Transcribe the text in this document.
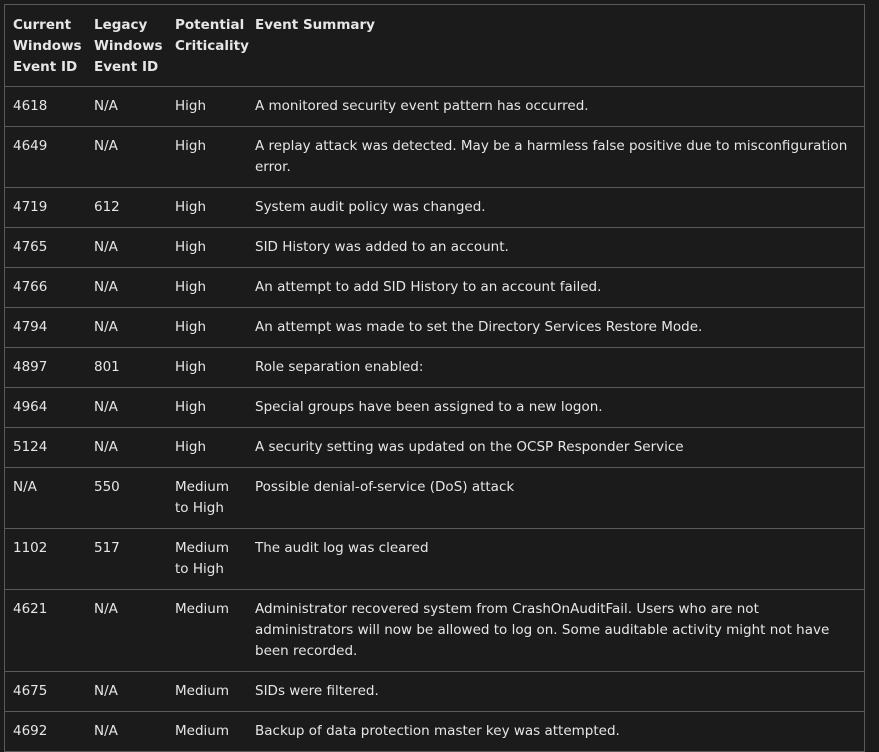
Current Windows Event ID	Legacy Windows Event ID	Potential Criticality	Event Summary
4618	N/A	High	A monitored security event pattern has occurred.
4649	N/A	High	A replay attack was detected. May be a harmless false positive due to misconfiguration error.
4719	612	High	System audit policy was changed.
4765	N/A	High	SID History was added to an account.
4766	N/A	High	An attempt to add SID History to an account failed.
4794	N/A	High	An attempt was made to set the Directory Services Restore Mode.
4897	801	High	Role separation enabled:
4964	N/A	High	Special groups have been assigned to a new logon.
5124	N/A	High	A security setting was updated on the OCSP Responder Service
N/A	550	Medium to High	Possible denial-of-service (DoS) attack
1102	517	Medium to High	The audit log was cleared
4621	N/A	Medium	Administrator recovered system from CrashOnAuditFail. Users who are not administrators will now be allowed to log on. Some auditable activity might not have been recorded.
4675	N/A	Medium	SIDs were filtered.
4692	N/A	Medium	Backup of data protection master key was attempted.
